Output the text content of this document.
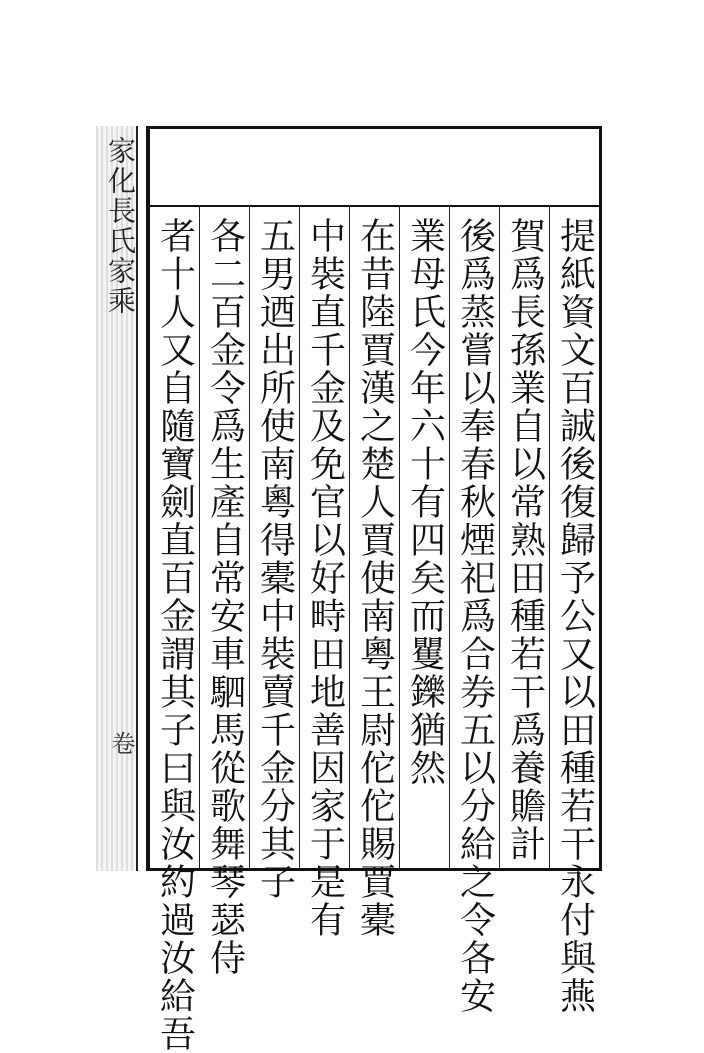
家化長氏家乘
卷	提紙資文百誠後復歸予公又以田種若干永付與燕
賀爲長孫業自以常熟田種若干爲養贍計
後爲蒸嘗以奉春秋煙祀爲合券五以分給之令各安
業母氏今年六十有四矣而矍鑠猶然
在昔陸賈漢之楚人賈使南粵王尉佗佗賜賈橐
中裝直千金及免官以好畤田地善因家于是有
五男迺出所使南粵得橐中裝賣千金分其子
各二百金令爲生產自常安車駟馬從歌舞琴瑟侍
者十人又自隨寶劍直百金謂其子曰與汝約過汝給吾
